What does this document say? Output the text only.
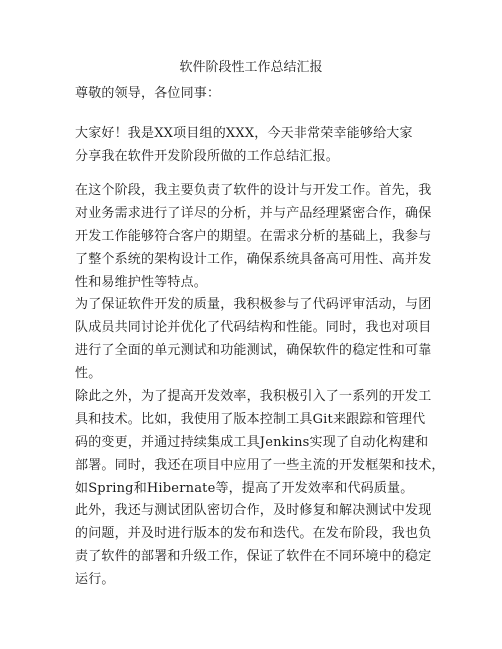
软件阶段性工作总结汇报
尊敬的领导，各位同事：
大家好！我是XX项目组的XXX，今天非常荣幸能够给大家
分享我在软件开发阶段所做的工作总结汇报。
在这个阶段，我主要负责了软件的设计与开发工作。首先，我
对业务需求进行了详尽的分析，并与产品经理紧密合作，确保
开发工作能够符合客户的期望。在需求分析的基础上，我参与
了整个系统的架构设计工作，确保系统具备高可用性、高并发
性和易维护性等特点。
为了保证软件开发的质量，我积极参与了代码评审活动，与团
队成员共同讨论并优化了代码结构和性能。同时，我也对项目
进行了全面的单元测试和功能测试，确保软件的稳定性和可靠
性。
除此之外，为了提高开发效率，我积极引入了一系列的开发工
具和技术。比如，我使用了版本控制工具Git来跟踪和管理代
码的变更，并通过持续集成工具Jenkins实现了自动化构建和
部署。同时，我还在项目中应用了一些主流的开发框架和技术，
如Spring和Hibernate等，提高了开发效率和代码质量。
此外，我还与测试团队密切合作，及时修复和解决测试中发现
的问题，并及时进行版本的发布和迭代。在发布阶段，我也负
责了软件的部署和升级工作，保证了软件在不同环境中的稳定
运行。
